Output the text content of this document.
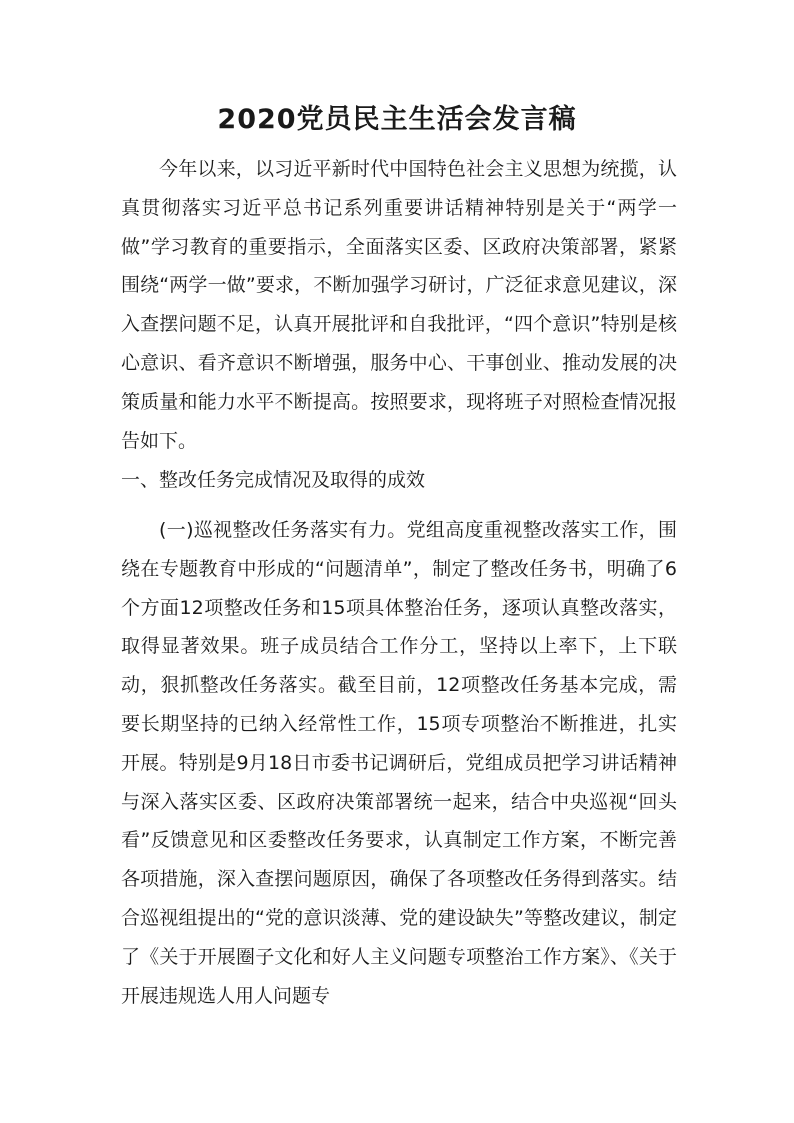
2020党员民主生活会发言稿

今年以来，以习近平新时代中国特色社会主义思想为统揽，认真贯彻落实习近平总书记系列重要讲话精神特别是关于“两学一做”学习教育的重要指示，全面落实区委、区政府决策部署，紧紧围绕“两学一做”要求，不断加强学习研讨，广泛征求意见建议，深入查摆问题不足，认真开展批评和自我批评，“四个意识”特别是核心意识、看齐意识不断增强，服务中心、干事创业、推动发展的决策质量和能力水平不断提高。按照要求，现将班子对照检查情况报告如下。

一、整改任务完成情况及取得的成效

(一)巡视整改任务落实有力。党组高度重视整改落实工作，围绕在专题教育中形成的“问题清单”，制定了整改任务书，明确了6个方面12项整改任务和15项具体整治任务，逐项认真整改落实，取得显著效果。班子成员结合工作分工，坚持以上率下，上下联动，狠抓整改任务落实。截至目前，12项整改任务基本完成，需要长期坚持的已纳入经常性工作，15项专项整治不断推进，扎实开展。特别是9月18日市委书记调研后，党组成员把学习讲话精神与深入落实区委、区政府决策部署统一起来，结合中央巡视“回头看”反馈意见和区委整改任务要求，认真制定工作方案，不断完善各项措施，深入查摆问题原因，确保了各项整改任务得到落实。结合巡视组提出的“党的意识淡薄、党的建设缺失”等整改建议，制定了《关于开展圈子文化和好人主义问题专项整治工作方案》、《关于开展违规选人用人问题专
